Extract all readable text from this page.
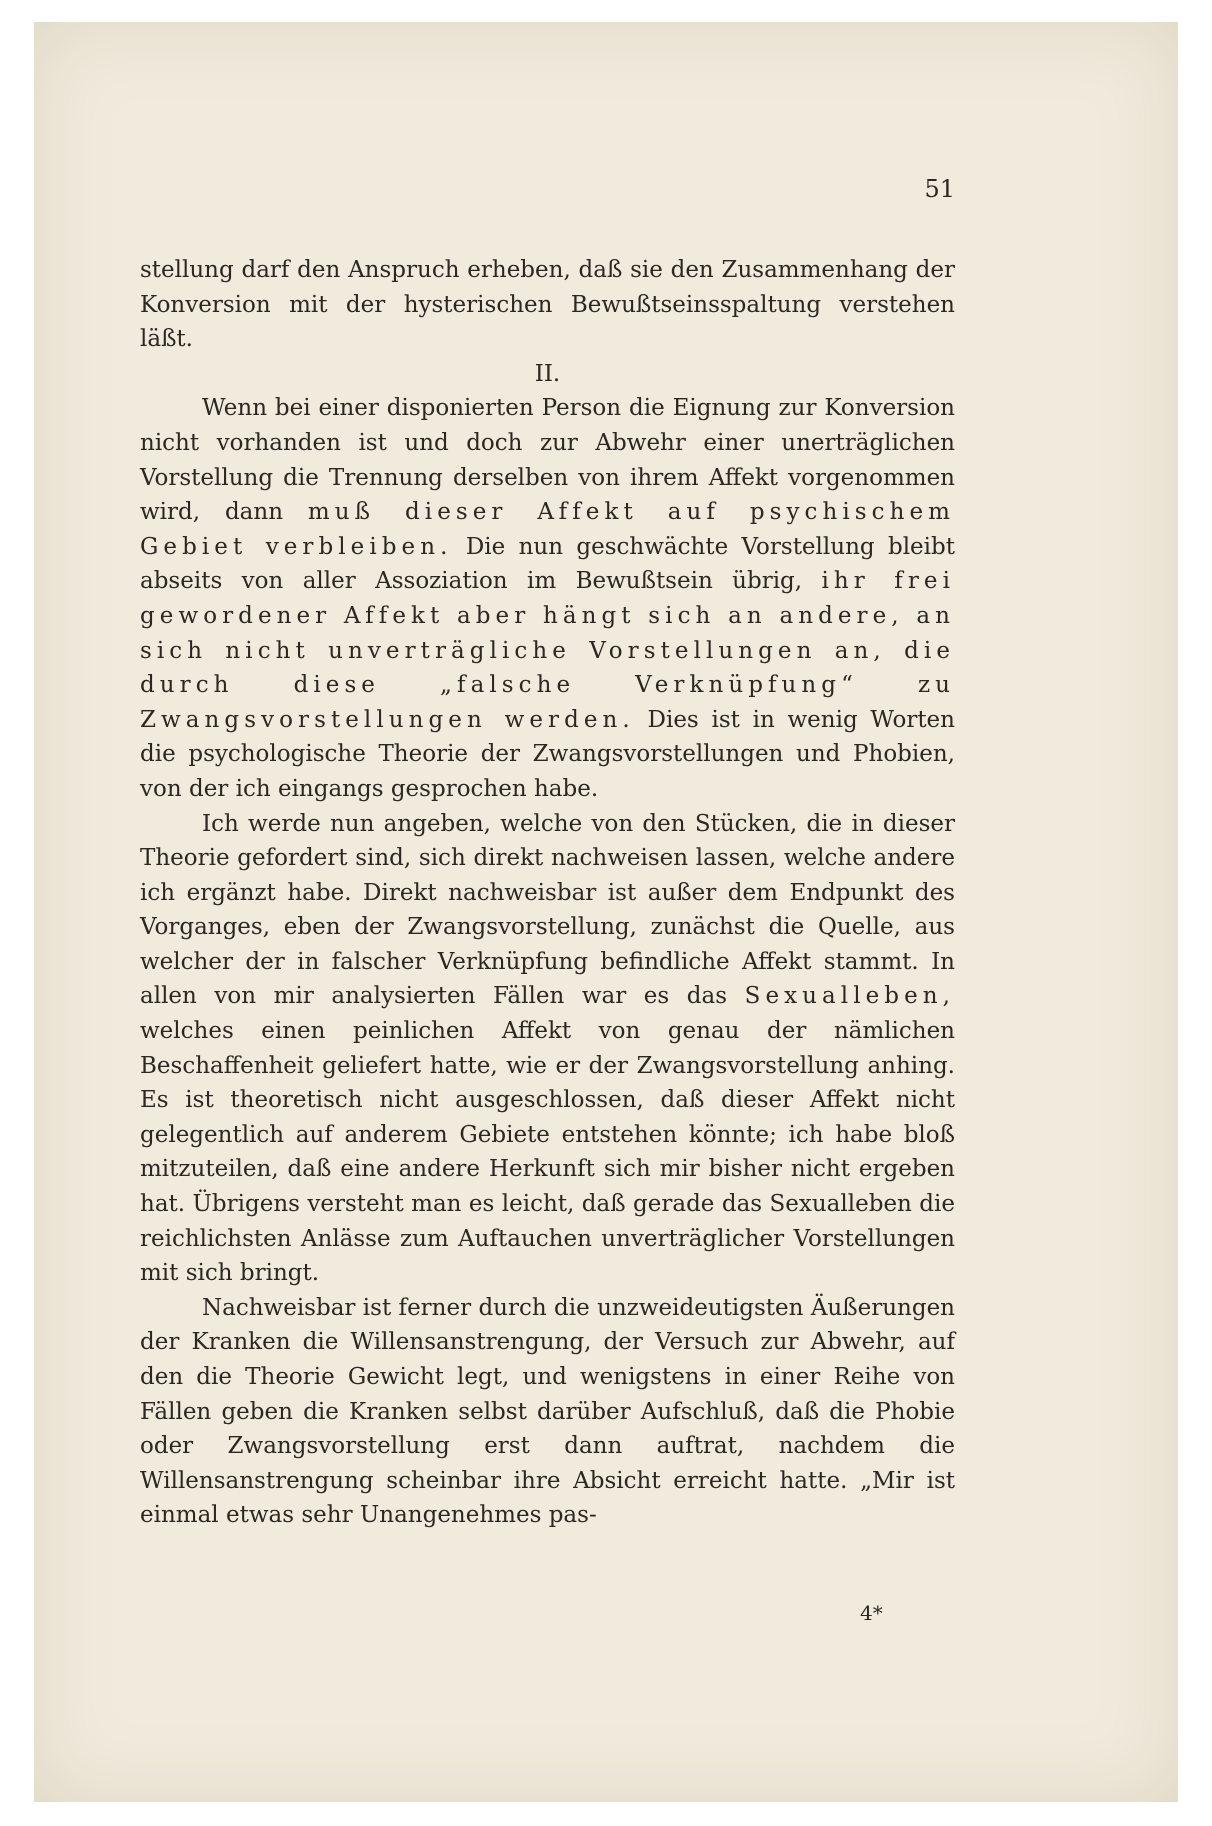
51

stellung darf den Anspruch erheben, daß sie den Zusammenhang der Konversion mit der hysterischen Bewußtseinsspaltung verstehen läßt.

II.

Wenn bei einer disponierten Person die Eignung zur Konversion nicht vorhanden ist und doch zur Abwehr einer unerträglichen Vorstellung die Trennung derselben von ihrem Affekt vorgenommen wird, dann muß dieser Affekt auf psychischem Gebiet verbleiben. Die nun geschwächte Vorstellung bleibt abseits von aller Assoziation im Bewußtsein übrig, ihr frei gewordener Affekt aber hängt sich an andere, an sich nicht unverträgliche Vorstellungen an, die durch diese „falsche Verknüpfung“ zu Zwangsvorstellungen werden. Dies ist in wenig Worten die psychologische Theorie der Zwangsvorstellungen und Phobien, von der ich eingangs gesprochen habe.

Ich werde nun angeben, welche von den Stücken, die in dieser Theorie gefordert sind, sich direkt nachweisen lassen, welche andere ich ergänzt habe. Direkt nachweisbar ist außer dem Endpunkt des Vorganges, eben der Zwangsvorstellung, zunächst die Quelle, aus welcher der in falscher Verknüpfung befindliche Affekt stammt. In allen von mir analysierten Fällen war es das Sexualleben, welches einen peinlichen Affekt von genau der nämlichen Beschaffenheit geliefert hatte, wie er der Zwangsvorstellung anhing. Es ist theoretisch nicht ausgeschlossen, daß dieser Affekt nicht gelegentlich auf anderem Gebiete entstehen könnte; ich habe bloß mitzuteilen, daß eine andere Herkunft sich mir bisher nicht ergeben hat. Übrigens versteht man es leicht, daß gerade das Sexualleben die reichlichsten Anlässe zum Auftauchen unverträglicher Vorstellungen mit sich bringt.

Nachweisbar ist ferner durch die unzweideutigsten Äußerungen der Kranken die Willensanstrengung, der Versuch zur Abwehr, auf den die Theorie Gewicht legt, und wenigstens in einer Reihe von Fällen geben die Kranken selbst darüber Aufschluß, daß die Phobie oder Zwangsvorstellung erst dann auftrat, nachdem die Willensanstrengung scheinbar ihre Absicht erreicht hatte. „Mir ist einmal etwas sehr Unangenehmes pas-

4*
